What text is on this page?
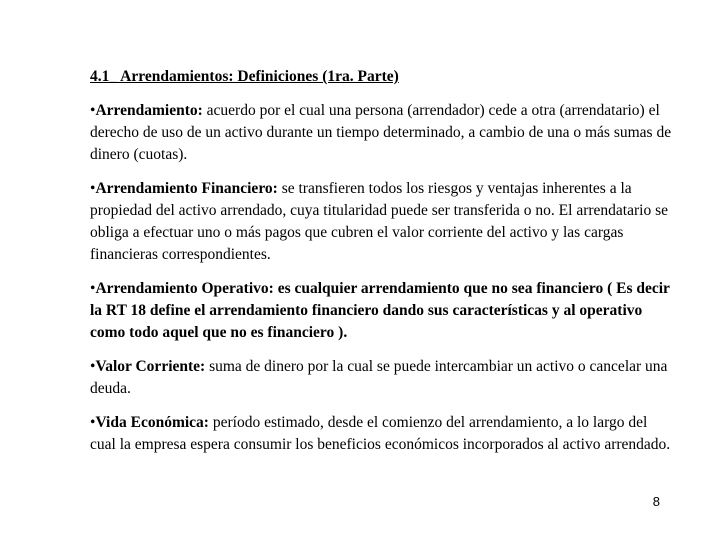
4.1_ Arrendamientos: Definiciones (1ra. Parte)
•Arrendamiento: acuerdo por el cual una persona (arrendador) cede a otra (arrendatario) el derecho de uso de un activo durante un tiempo determinado, a cambio de una o más sumas de dinero (cuotas).
•Arrendamiento Financiero: se transfieren todos los riesgos y ventajas inherentes a la propiedad del activo arrendado, cuya titularidad puede ser transferida o no. El arrendatario se obliga a efectuar uno o más pagos que cubren el valor corriente del activo y las cargas financieras correspondientes.
•Arrendamiento Operativo: es cualquier arrendamiento que no sea financiero ( Es decir la RT 18 define el arrendamiento financiero dando sus características y al operativo como todo aquel que no es financiero ).
•Valor Corriente: suma de dinero por la cual se puede intercambiar un activo o cancelar una deuda.
•Vida Económica: período estimado, desde el comienzo del arrendamiento, a lo largo del cual la empresa espera consumir los beneficios económicos incorporados al activo arrendado.
8
